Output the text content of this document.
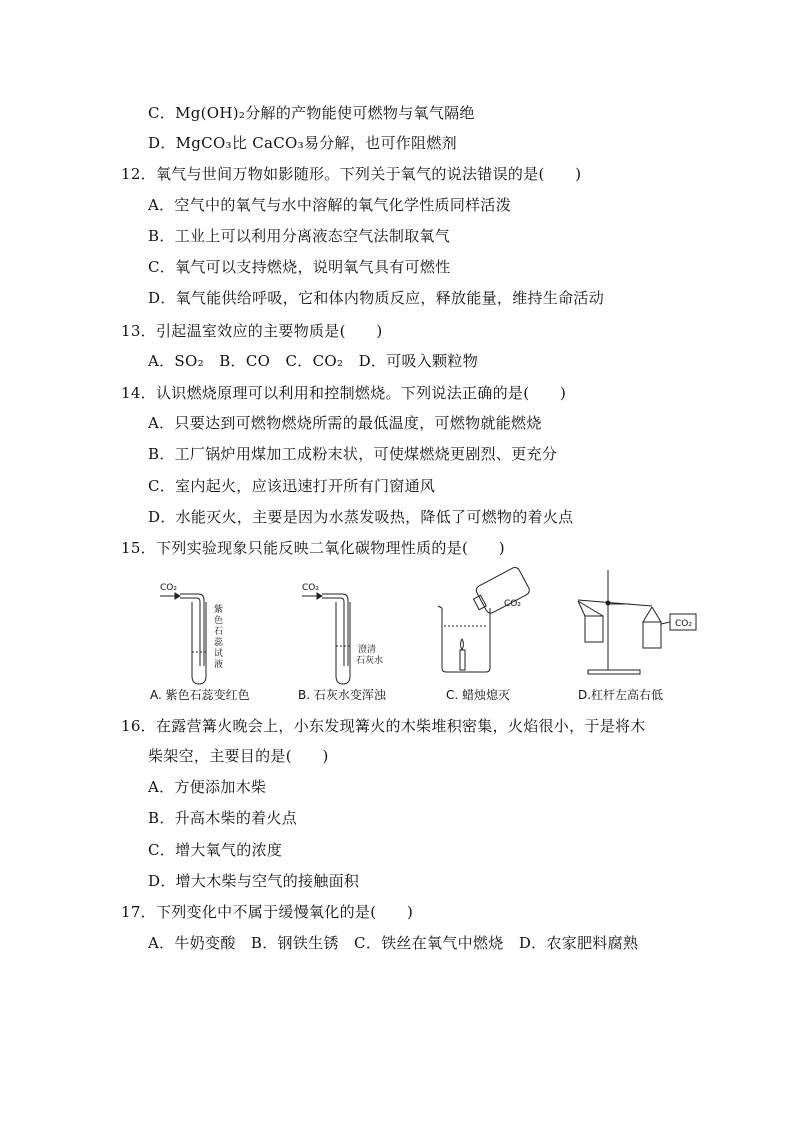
C．Mg(OH)₂分解的产物能使可燃物与氧气隔绝
D．MgCO₃比 CaCO₃易分解，也可作阻燃剂
12．氧气与世间万物如影随形。下列关于氧气的说法错误的是(　　)
A．空气中的氧气与水中溶解的氧气化学性质同样活泼
B．工业上可以利用分离液态空气法制取氧气
C．氧气可以支持燃烧，说明氧气具有可燃性
D．氧气能供给呼吸，它和体内物质反应，释放能量，维持生命活动
13．引起温室效应的主要物质是(　　)
A．SO₂　B．CO　C．CO₂　D．可吸入颗粒物
14．认识燃烧原理可以利用和控制燃烧。下列说法正确的是(　　)
A．只要达到可燃物燃烧所需的最低温度，可燃物就能燃烧
B．工厂锅炉用煤加工成粉末状，可使煤燃烧更剧烈、更充分
C．室内起火，应该迅速打开所有门窗通风
D．水能灭火，主要是因为水蒸发吸热，降低了可燃物的着火点
15．下列实验现象只能反映二氧化碳物理性质的是(　　)
CO₂
紫
色
石
蕊
试
液
CO₂
澄清
石灰水
CO₂
CO₂
A. 紫色石蕊变红色	B. 石灰水变浑浊	C. 蜡烛熄灭	D.杠杆左高右低
16．在露营篝火晚会上，小东发现篝火的木柴堆积密集，火焰很小，于是将木
柴架空，主要目的是(　　)
A．方便添加木柴
B．升高木柴的着火点
C．增大氧气的浓度
D．增大木柴与空气的接触面积
17．下列变化中不属于缓慢氧化的是(　　)
A．牛奶变酸　B．钢铁生锈　C．铁丝在氧气中燃烧　D．农家肥料腐熟
